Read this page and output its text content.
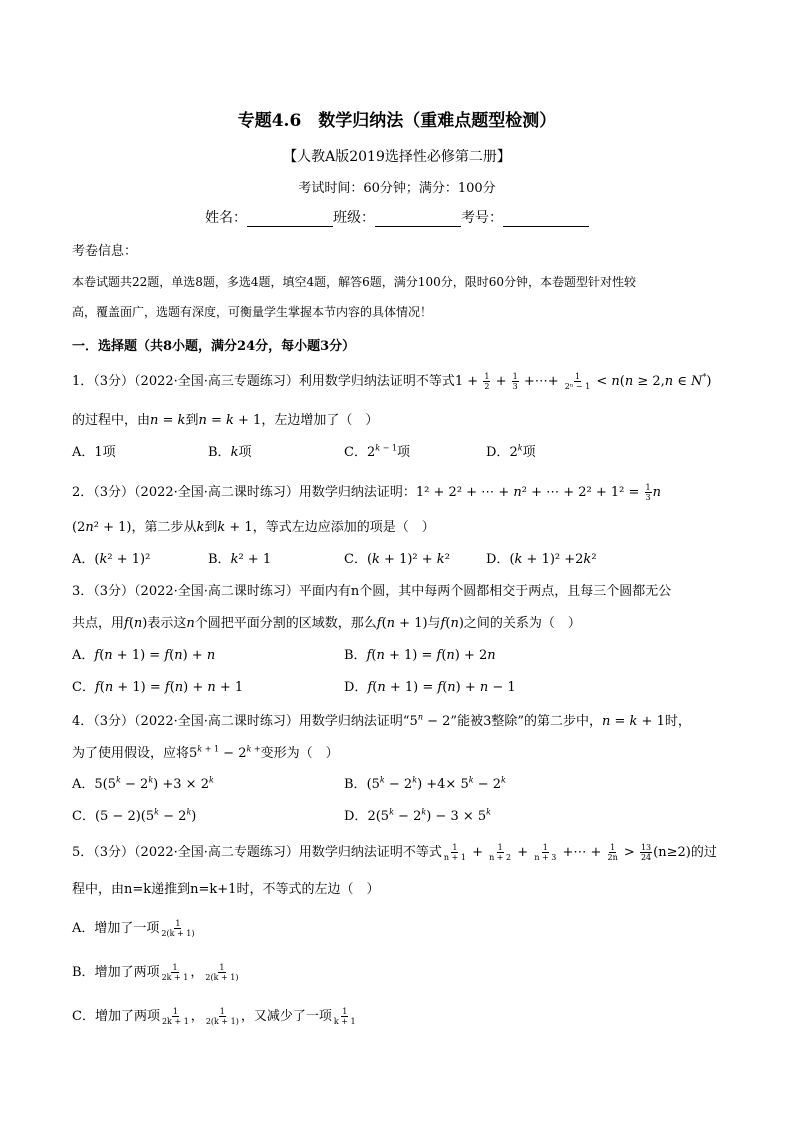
专题4.6　数学归纳法（重难点题型检测）
【人教A版2019选择性必修第二册】
考试时间：60分钟；满分：100分
姓名：	班级：	考号：
考卷信息：
本卷试题共22题，单选8题，多选4题，填空4题，解答6题，满分100分，限时60分钟，本卷题型针对性较
高，覆盖面广，选题有深度，可衡量学生掌握本节内容的具体情况！
一．选择题（共8小题，满分24分，每小题3分）
1．（3分）（2022·全国·高三专题练习）利用数学归纳法证明不等式$1 + \frac{1}{2} + \frac{1}{3}$ +⋯+ $\frac{1}{\text{2ⁿ − 1}} < n(n \ge 2,n$ ∈ N*)
的过程中，由n = k到n = k + 1，左边增加了（　）
A．1项	B．k项	C．$2^{k - 1}$项	D．2$^k$项
2．（3分）（2022·全国·高二课时练习）用数学归纳法证明：1² + 2² + ⋯ + n² + ⋯ + $2^2 + 1^2 = \frac{1}{3}$ n
(2n² + 1)，第二步从k到k + 1，等式左边应添加的项是（　）
A．(k² + 1)²	B．k² + 1	C．(k + 1)² + k²	D．(k + 1)² +2k²
3．（3分）（2022·全国·高二课时练习）平面内有n个圆，其中每两个圆都相交于两点，且每三个圆都无公
共点，用f(n)表示这n个圆把平面分割的区域数，那么f(n + 1)与f(n)之间的关系为（　）
A．f(n + 1) = f(n) + n	B．f(n + 1) = f(n) + 2n
C．f(n + 1) = f(n) + n + 1	D．f(n + 1) = f(n) + n − 1
4．（3分）（2022·全国·高二课时练习）用数学归纳法证明“$5^n - 2$”能被3整除”的第二步中，n = k + 1时，
为了使用假设，应将$5^{k + 1} - 2^{k +}$变形为（　）
A．$5(5^k - 2^k) +3 \times 2^k$	B．$(5^k - 2^k) +4\times 5^k - 2^k$
C．$(5 - 2)(5^k - 2^k)$	D．$2(5^k - 2^k) - 3 \times 5^k$
5．（3分）（2022·全国·高二专题练习）用数学归纳法证明不等式 $\frac{1}{n + 1} + \frac{1}{n + 2} + \frac{1}{n + 3}$ +⋯ + $\frac{1}{2n} > \frac{13}{24} (n\ge 2)$的过
程中，由n=k递推到n=k+1时，不等式的左边（　）
A．增加了一项 $\frac{1}{2(k + 1)}$
B．增加了两项 $\frac{1}{2k + 1}$ ， $\frac{1}{2(k + 1)}$
C．增加了两项 $\frac{1}{2k + 1}$ ， $\frac{1}{2(k + 1)}$ ，又减少了一项 $\frac{1}{k + 1}$
